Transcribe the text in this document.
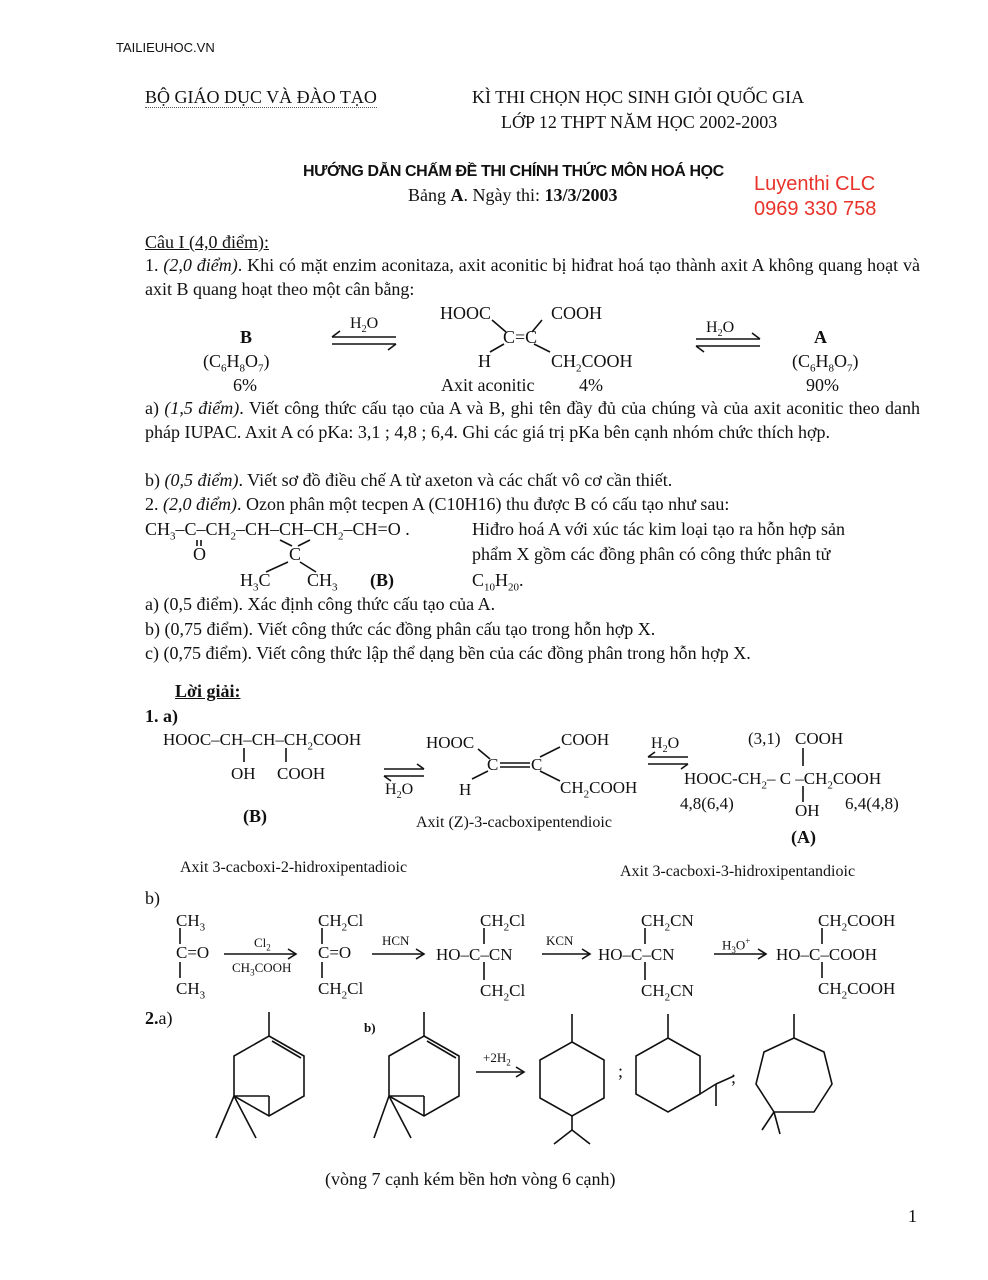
TAILIEUHOC.VN
BỘ GIÁO DỤC VÀ ĐÀO TẠO	KÌ THI CHỌN HỌC SINH GIỎI QUỐC GIA
LỚP 12 THPT NĂM HỌC 2002-2003
HƯỚNG DẪN CHẤM ĐỀ THI CHÍNH THỨC MÔN HOÁ HỌC
Bảng A. Ngày thi: 13/3/2003	Luyenthi CLC
0969 330 758
Câu I (4,0 điểm):
1. (2,0 điểm). Khi có mặt enzim aconitaza, axit aconitic bị hiđrat hoá tạo thành axit A không quang hoạt và axit B quang hoạt theo một cân bằng:
B
$(C_6H_8O_7)$
6%
$H_2O$
HOOC	COOH
C=C
H	$CH_2COOH$
Axit aconitic 4%
$H_2O$	A
$(C_6H_8O_7)$
90%
a) (1,5 điểm). Viết công thức cấu tạo của A và B, ghi tên đầy đủ của chúng và của axit aconitic theo danh pháp IUPAC. Axit A có pKa: 3,1 ; 4,8 ; 6,4. Ghi các giá trị pKa bên cạnh nhóm chức thích hợp.
b) (0,5 điểm). Viết sơ đồ điều chế A từ axeton và các chất vô cơ cần thiết.
2. (2,0 điểm). Ozon phân một tecpen A (C10H16) thu được B có cấu tạo như sau:
$CH_3-C-CH_2-CH-CH-CH_2-CH=O$ .
O	C
$H_3C$ $CH_3$ (B)
Hiđro hoá A với xúc tác kim loại tạo ra hỗn hợp sản
phẩm X gồm các đồng phân có công thức phân tử
$C_{10}H_{20}$.
a) (0,5 điểm). Xác định công thức cấu tạo của A.
b) (0,75 điểm). Viết công thức các đồng phân cấu tạo trong hỗn hợp X.
c) (0,75 điểm). Viết công thức lập thể dạng bền của các đồng phân trong hỗn hợp X.
Lời giải:
1. a)
HOOC–$CH-CH-CH_2COOH$
OH COOH
(B)
$H_2O$
HOOC	COOH
C C
H	$CH_2COOH$
Axit (Z)-3-cacboxipentendioic
$H_2O$	(3,1) COOH
HOOC-$CH_2-$ C $-CH_2COOH$
OH
4,8(6,4)	6,4(4,8)
(A)
Axit 3-cacboxi-2-hidroxipentadioic	Axit 3-cacboxi-3-hidroxipentandioic
b)
$CH_3$
C=O
$CH_3$
$Cl_2$
$CH_3COOH$
$CH_2Cl$
C=O
$CH_2Cl$
HCN
$CH_2Cl$
HO–C–CN
$CH_2Cl$
KCN
$CH_2CN$
HO–C–CN
$CH_2CN$
$H_3O^+$
$CH_2COOH$
HO–C–COOH
$CH_2COOH$
2.a)	b)
$+2H_2$	;	;
(vòng 7 cạnh kém bền hơn vòng 6 cạnh)
1
